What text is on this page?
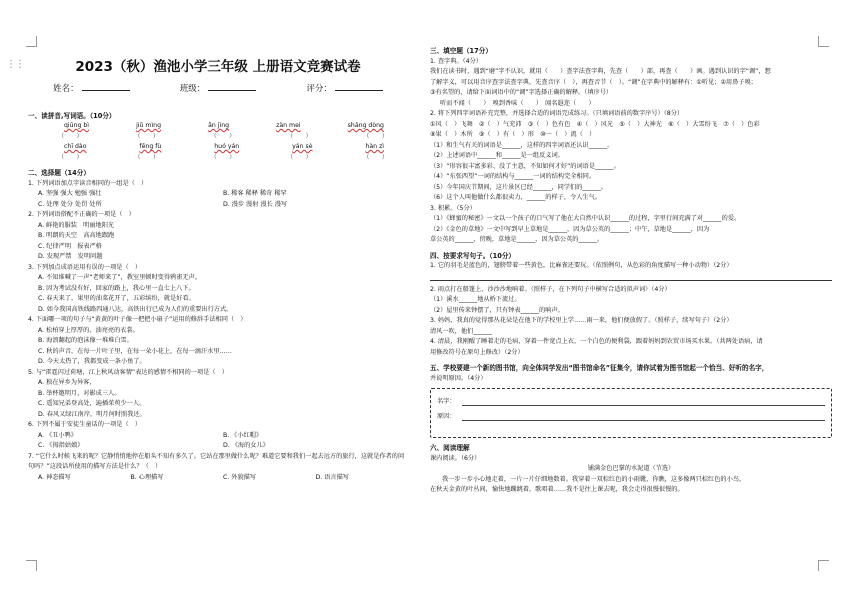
⋮⋮	2023（秋）渔池小学三年级 上册语文竞赛试卷
姓名：	班级：	评分：
一、读拼音,写词语。（10分）
qiūng bì	jiǔ mìng	ān jìng	zàn mei	shāng dòng
（　　）	（　　）	（　　）	（　　）	（　　）
chī dào	fēng fù	huó yán	yán sè	hàn zì
（　　）	（　　）	（　　）	（　　）	（　　）
二、选择题（14分）

1. 下列词语加点字读音相同的一组是（　）

A. 坚强 强大 勉强 强壮	B. 稀客 稀释 稀奇 稀罕
C. 处理 处分 处罚 处所	D. 漫步 漫射 漫长 漫写

2. 下列词语搭配不正确的一项是（　）

A. 鲜艳的服装　明丽地阳光
B. 明朗的天空　高高地跟跑
C. 纪律严明　报表严格
D. 发现严禁　发明问题

3. 下列加点成语运用有误的一项是（　）

A. 不知谁喊了一声“老师来了”，教室里顿时变得鸦雀无声。
B. 因为考试没有好，回家的路上，我心里一直七上八下。
C. 春天来了，果里的油菜花开了，五彩缤纷，就是好看。
D. 如今我国高铁线路四通八达，高铁出行已成为人们的重要出行方式。

4. 下面哪一项的句子与“黄黄的叶子像一把把小扇子”运用的修辞手法相同（　）

A. 松柏穿上厚厚的、油亮亮的衣裳。
B. 海浪翻起的泡沫像一堆堆白雪。
C. 秋的声音，在每一片叶子里，在每一朵小花上，在每一滴汗水里……
D. 今天太热了，我都变成一条小鱼了。

5. 与“雷霆闪过荷塘，江上秋风动客情”表达的感情不相同的一项是（　）

A. 独在异乡为异客，
B. 举杯邀明月，对影成三人。
C. 遥知兄弟登高处，遍插茱萸少一人。
D. 春风又绿江南岸，明月何时照我还。

6. 下列不属于安徒生童话的一项是（　）

A. 《丑小鸭》	B. 《小红帽》
C. 《拇指姑娘》	D. 《海的女儿》

7. “它什么时候飞来的呢？它静悄悄地停在船头不知有多久了。它站在那里做什么呢？难道它要和我们一起去远方的旅行，这就是作者的问句吗？”这段话所使用的描写方法是什么？（　）

A. 神态描写	B. 心理描写	C. 外貌描写	D. 语言描写
三、填空题（17分）

1. 查字典。（4分）

我们在读书时，遇到“磨”字不认识，就用（　　）查字法查字典，先查（　　）部，再查（　　）画。遇到认识的字“调”，想

了解字义，可以用音序查字法查字典，先查音序（　），再查音节（　）。“调”在字典中的解释有：①听见；②用鼻子嗅；

③有名望的，请给下面词语中的“调”字选择正确的解释。（填序号）

听而不闻（　　）　嗅到香味（　　）　闻名遐迩（　　）

2. 将下列四字词语补充完整，并选择合适的词语完成练习。（只填词语前的数字序号）（8分）

①风（　）飞舞　②（　）气充沛　③（　）色有色　④（　）风光　⑤（　）大神光　⑥（　）大雪纷飞　⑦（　）色彩

⑧果（　）木所　⑨（　）有（　）形　⑩一（　）流（　）

（1）和生气有关的词语是______，这样的四字词语还认识______。

（2）上述词语中______和______是一组反义词。

（3）“形容很丰富多彩、没了主意，不知如何才好”的词语是______。

（4）“东张西望”一词的结构与______一词的结构完全相同。

（5）今年国庆节期间，这片景区已经______，同学们的______。

（6）这个人叫他做什么都很卖力，______的样子，令人生气。

3. 积累。（5分）

（1）《蜂蜜的秘密》一文以一个孩子的口气写了他在大自然中认识______的过程，字里行间充满了对______的爱。

（2）《金色的草地》一文中写到早上草地是______，因为草公英的______；中午，草地是______，因为

草公英的______，傍晚，草地是______，因为草公英的______。

四、按要求写句子。（10分）

1. 它的羽毛是蓝色的，翅膀带着一些黄色，比麻雀还要玩。（依照例句，从色彩的角度描写一种小动物）（2分）

2. 雨点打在船篷上，沙沙沙地响着。（照样子，在下列句子中横写合适的拟声词）（4分）

（1）溪水______地从桥下流过。

（2）屋里传来钟摆了，只有钟表______的响声。

3. 妈妈，我真的觉得那丛花朵是在他下的学校里上学……雨一来，他们便放假了。（照样子，续写句子）（2分）

清风一吹，他们______

4. 清晨，我刚醒了睡着走的毛病，穿着一件宽点上衣，一个白色的便利袋，跟着妈妈到农贸市场买水果。（共两处语病，请

用修改符号在原句上修改）（2分）

五、学校要建一个新的图书馆，向全体同学发出“图书馆命名”征集令，请你试着为图书馆起一个恰当、好听的名字，

并说明原因。（4分）

名字：
原因：
六、阅读理解

课内阅读。（6分）

铺满金色巴掌的水泥道（节选）

我一步一步小心地走着，一片一片仔细地数着。我穿着一双棕红色的小雨靴，你瞧，这多像两只棕红色的小鸟，

在秋天金黄的叶丛间，愉快地蹦跳着，歌唱着……我不是往上课去呢，我会走得很慢很慢的。
